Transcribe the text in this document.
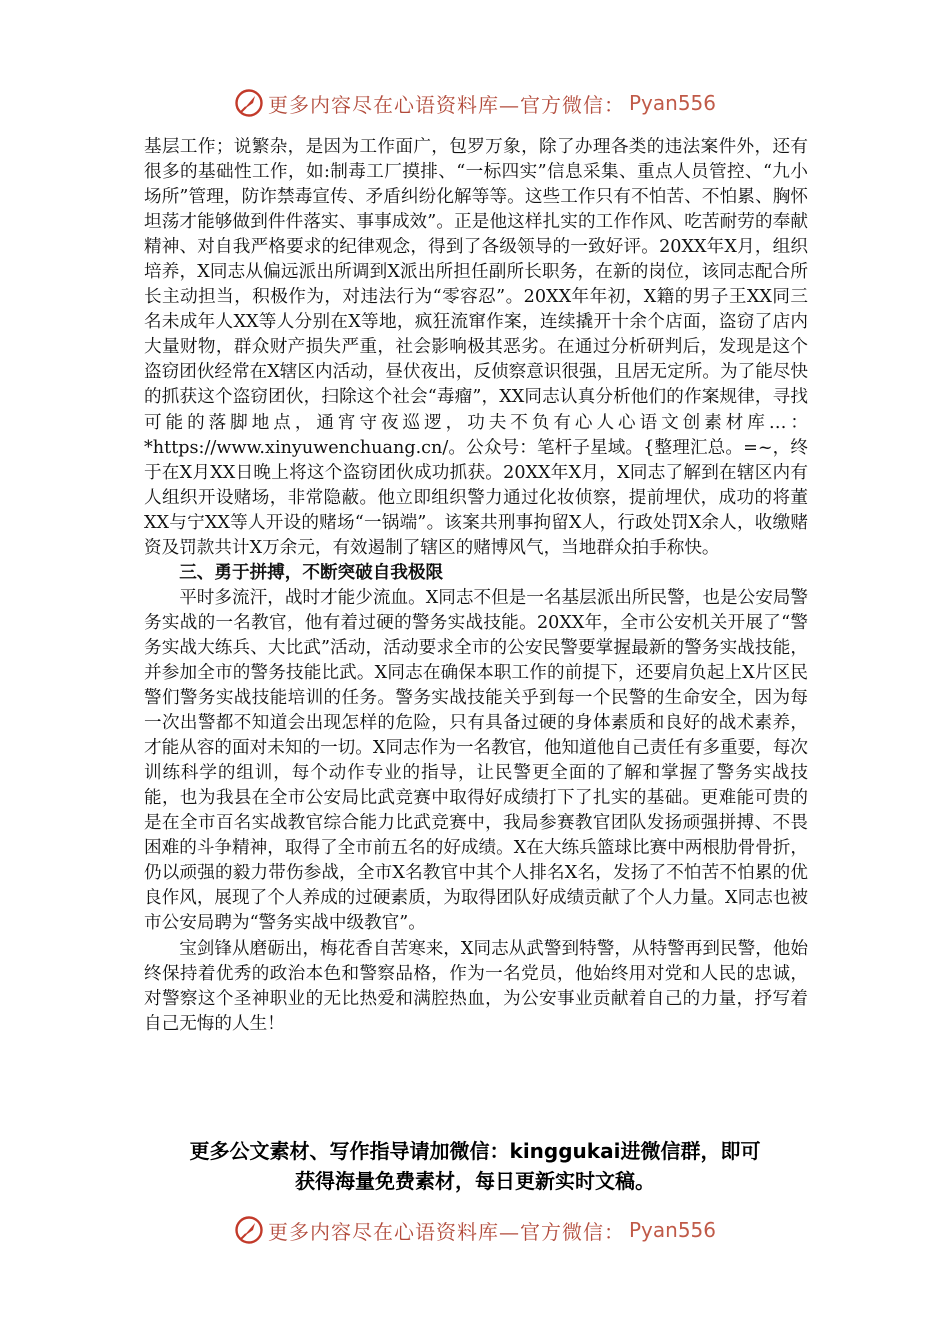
更多内容尽在心语资料库—官方微信： Pyan556

基层工作；说繁杂，是因为工作面广，包罗万象，除了办理各类的违法案件外，还有很多的基础性工作，如:制毒工厂摸排、“一标四实”信息采集、重点人员管控、“九小场所”管理，防诈禁毒宣传、矛盾纠纷化解等等。这些工作只有不怕苦、不怕累、胸怀坦荡才能够做到件件落实、事事成效”。正是他这样扎实的工作作风、吃苦耐劳的奉献精神、对自我严格要求的纪律观念，得到了各级领导的一致好评。20XX年X月，组织培养，X同志从偏远派出所调到X派出所担任副所长职务，在新的岗位，该同志配合所长主动担当，积极作为，对违法行为“零容忍”。20XX年年初，X籍的男子王XX同三名未成年人XX等人分别在X等地，疯狂流窜作案，连续撬开十余个店面，盗窃了店内大量财物，群众财产损失严重，社会影响极其恶劣。在通过分析研判后，发现是这个盗窃团伙经常在X辖区内活动，昼伏夜出，反侦察意识很强，且居无定所。为了能尽快的抓获这个盗窃团伙，扫除这个社会“毒瘤”，XX同志认真分析他们的作案规律，寻找可能的落脚地点，通宵守夜巡逻，功夫不负有心人心语文创素材库…：*https://www.xinyuwenchuang.cn/。公众号：笔杆子星域。{整理汇总。=~，终于在X月XX日晚上将这个盗窃团伙成功抓获。20XX年X月，X同志了解到在辖区内有人组织开设赌场，非常隐蔽。他立即组织警力通过化妆侦察，提前埋伏，成功的将董XX与宁XX等人开设的赌场“一锅端”。该案共刑事拘留X人，行政处罚X余人，收缴赌资及罚款共计X万余元，有效遏制了辖区的赌博风气，当地群众拍手称快。

三、勇于拼搏，不断突破自我极限

平时多流汗，战时才能少流血。X同志不但是一名基层派出所民警，也是公安局警务实战的一名教官，他有着过硬的警务实战技能。20XX年，全市公安机关开展了“警务实战大练兵、大比武”活动，活动要求全市的公安民警要掌握最新的警务实战技能，并参加全市的警务技能比武。X同志在确保本职工作的前提下，还要肩负起上X片区民警们警务实战技能培训的任务。警务实战技能关乎到每一个民警的生命安全，因为每一次出警都不知道会出现怎样的危险，只有具备过硬的身体素质和良好的战术素养，才能从容的面对未知的一切。X同志作为一名教官，他知道他自己责任有多重要，每次训练科学的组训，每个动作专业的指导，让民警更全面的了解和掌握了警务实战技能，也为我县在全市公安局比武竞赛中取得好成绩打下了扎实的基础。更难能可贵的是在全市百名实战教官综合能力比武竞赛中，我局参赛教官团队发扬顽强拼搏、不畏困难的斗争精神，取得了全市前五名的好成绩。X在大练兵篮球比赛中两根肋骨骨折，仍以顽强的毅力带伤参战，全市X名教官中其个人排名X名，发扬了不怕苦不怕累的优良作风，展现了个人养成的过硬素质，为取得团队好成绩贡献了个人力量。X同志也被市公安局聘为“警务实战中级教官”。

宝剑锋从磨砺出，梅花香自苦寒来，X同志从武警到特警，从特警再到民警，他始终保持着优秀的政治本色和警察品格，作为一名党员，他始终用对党和人民的忠诚，对警察这个圣神职业的无比热爱和满腔热血，为公安事业贡献着自己的力量，抒写着自己无悔的人生！

更多公文素材、写作指导请加微信：kinggukai进微信群，即可
获得海量免费素材，每日更新实时文稿。
更多内容尽在心语资料库—官方微信： Pyan556
